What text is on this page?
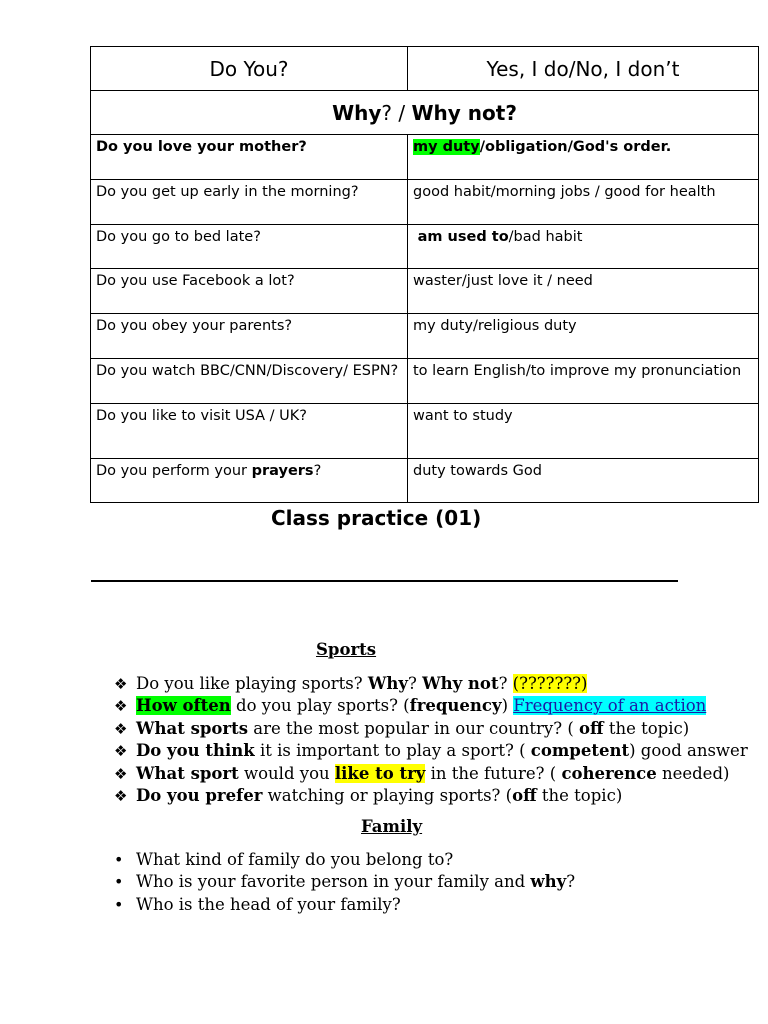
Do You?	Yes, I do/No, I don’t
Why? / Why not?	
Do you love your mother?	my duty/obligation/God's order.
Do you get up early in the morning?	good habit/morning jobs / good for health
Do you go to bed late?	am used to/bad habit
Do you use Facebook a lot?	waster/just love it / need
Do you obey your parents?	my duty/religious duty
Do you watch BBC/CNN/Discovery/ ESPN?	to learn English/to improve my pronunciation
Do you like to visit USA / UK?	want to study
Do you perform your prayers?	duty towards God
Class practice (01)
Sports
❖ Do you like playing sports? Why? Why not? (???????)
❖ How often do you play sports? (frequency) Frequency of an action
❖ What sports are the most popular in our country? ( off the topic)
❖ Do you think it is important to play a sport? ( competent) good answer
❖ What sport would you like to try in the future? ( coherence needed)
❖ Do you prefer watching or playing sports? (off the topic)
Family
• What kind of family do you belong to?
• Who is your favorite person in your family and why?
• Who is the head of your family?
